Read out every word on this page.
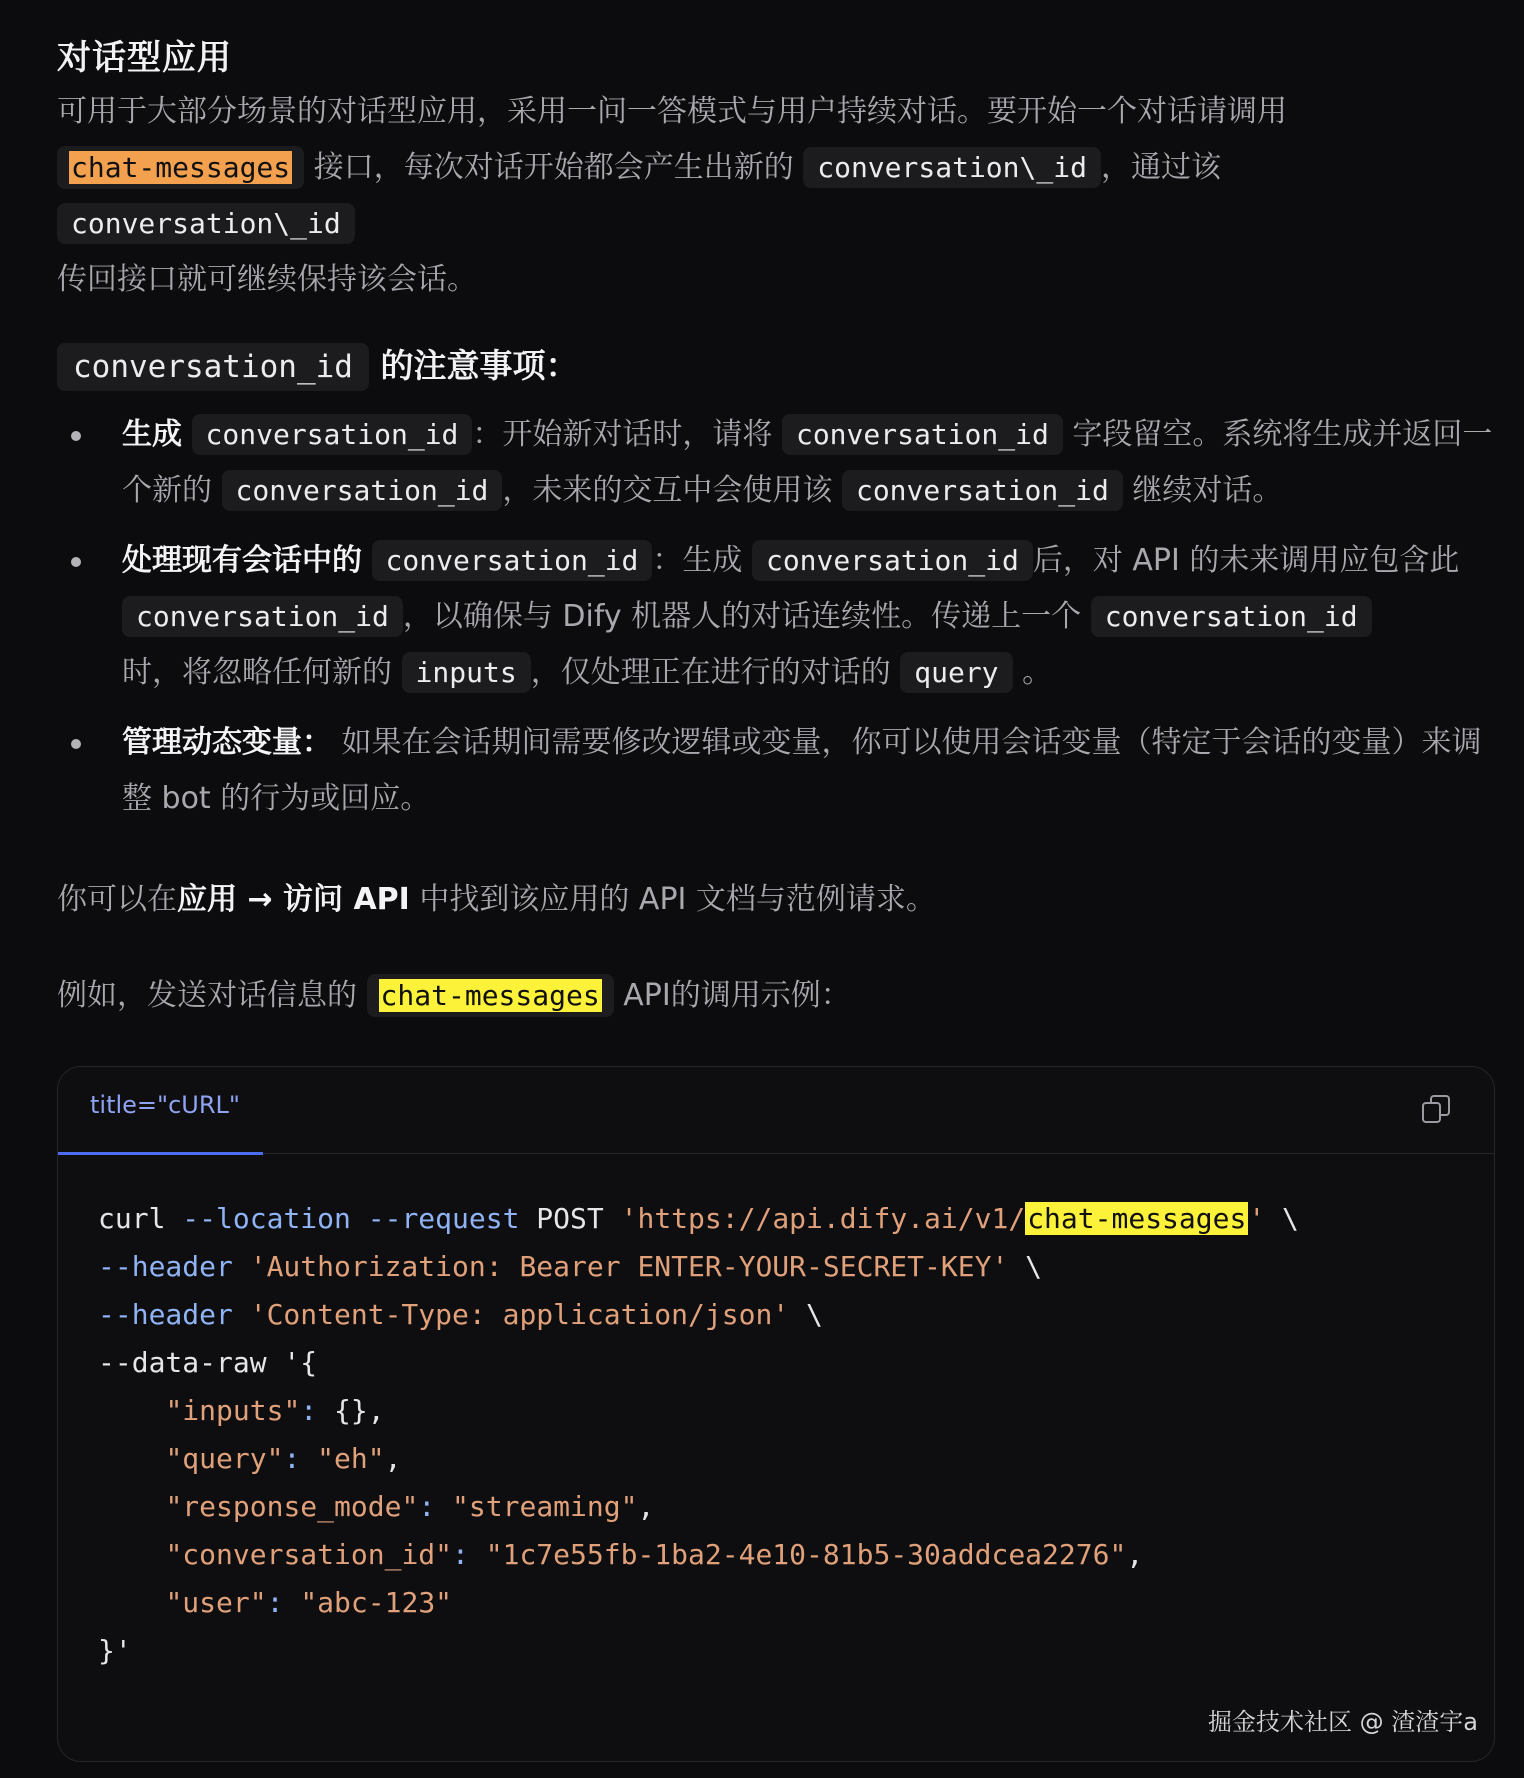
对话型应用
可用于大部分场景的对话型应用，采用一问一答模式与用户持续对话。要开始一个对话请调用 chat-messages 接口，每次对话开始都会产生出新的 conversation\_id ，通过该 conversation\_id
传回接口就可继续保持该会话。
conversation_id 的注意事项：
生成 conversation_id ：开始新对话时，请将 conversation_id 字段留空。系统将生成并返回一个新的 conversation_id ，未来的交互中会使用该 conversation_id 继续对话。
处理现有会话中的 conversation_id ：生成 conversation_id 后，对 API 的未来调用应包含此 conversation_id ，以确保与 Dify 机器人的对话连续性。传递上一个 conversation_id
时，将忽略任何新的 inputs ，仅处理正在进行的对话的 query 。
管理动态变量： 如果在会话期间需要修改逻辑或变量，你可以使用会话变量（特定于会话的变量）来调整 bot 的行为或回应。
你可以在应用 → 访问 API 中找到该应用的 API 文档与范例请求。
例如，发送对话信息的 chat-messages API的调用示例：
title="cURL"
curl --location --request POST 'https://api.dify.ai/v1/chat-messages' \
--header 'Authorization: Bearer ENTER-YOUR-SECRET-KEY' \
--header 'Content-Type: application/json' \
--data-raw '{
"inputs": {},
"query": "eh",
"response_mode": "streaming",
"conversation_id": "1c7e55fb-1ba2-4e10-81b5-30addcea2276",
"user": "abc-123"
}'
掘金技术社区 @ 渣渣宇a
